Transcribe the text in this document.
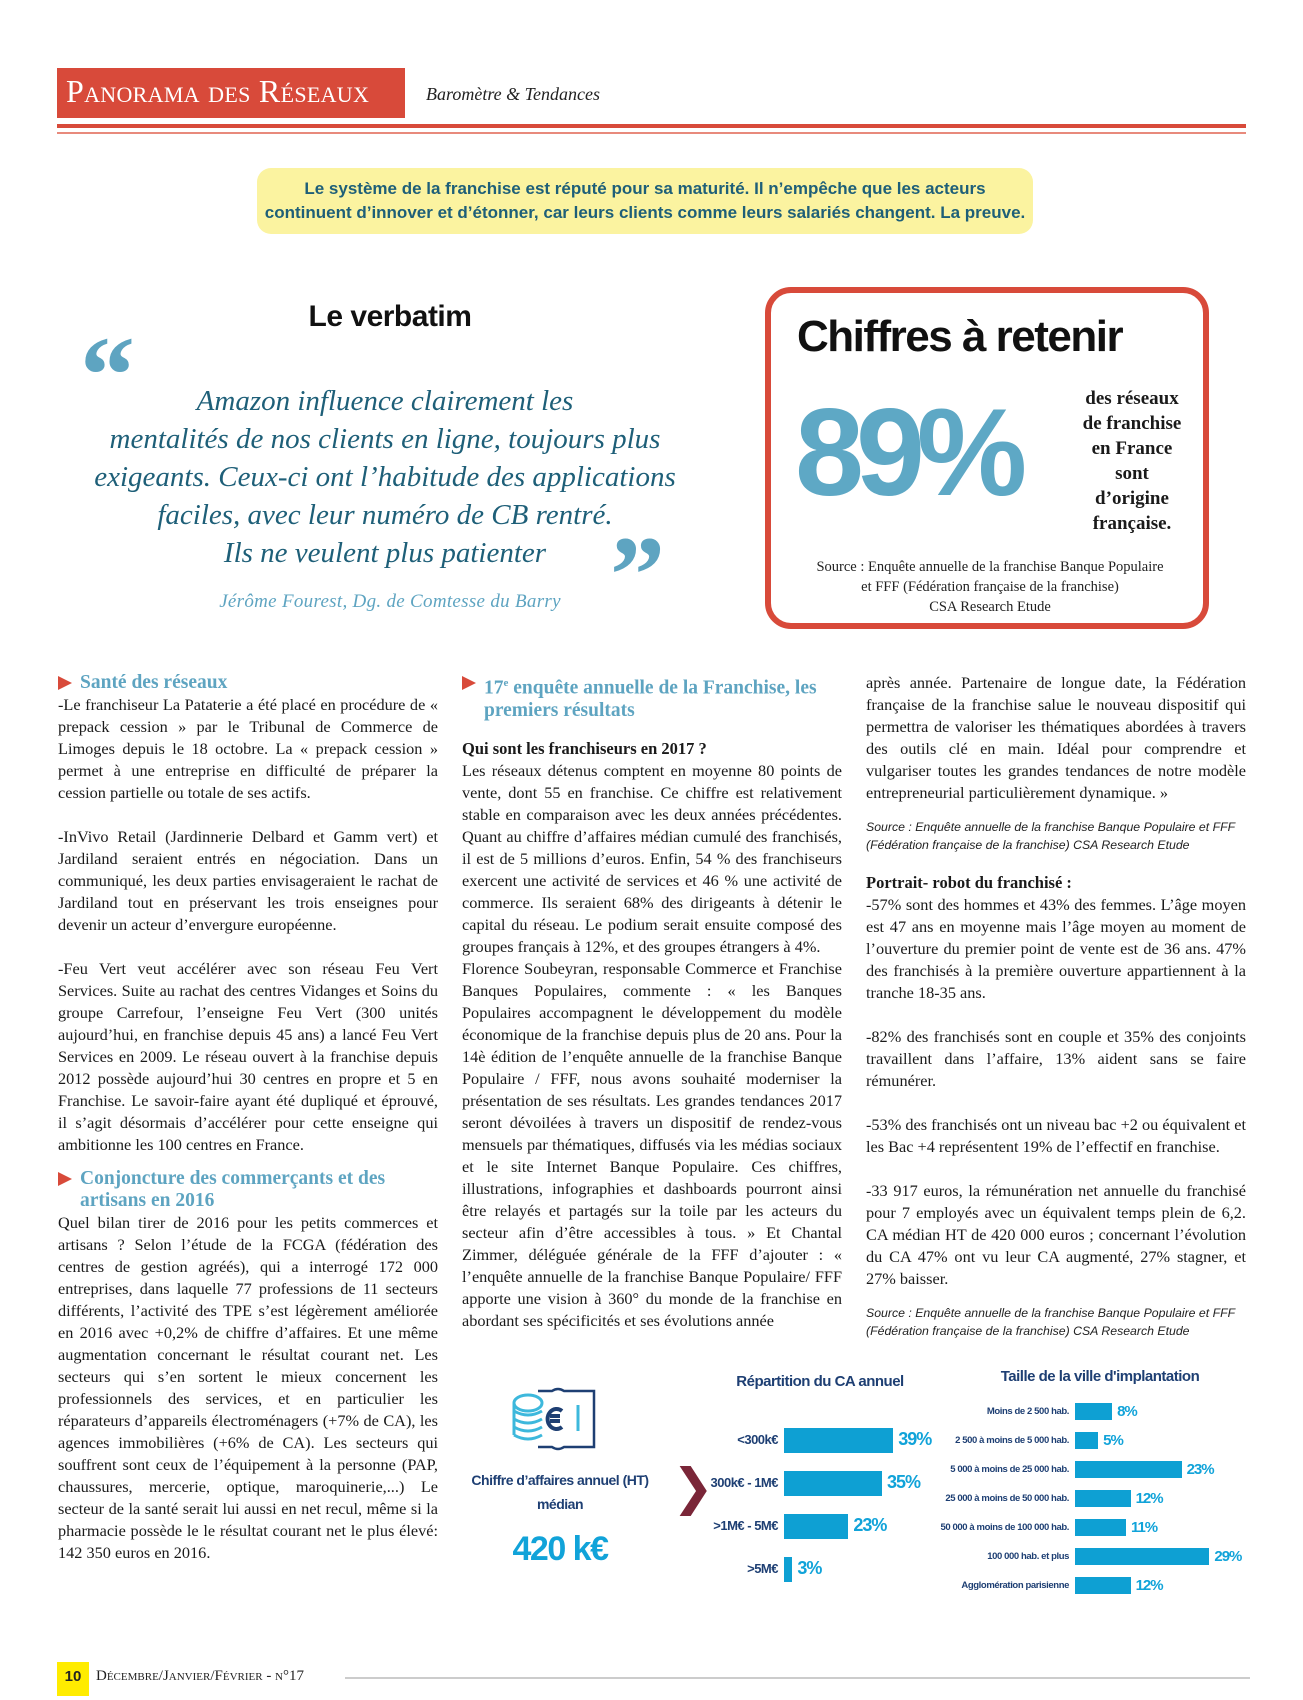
Panorama des Réseaux	Baromètre & Tendances
Le système de la franchise est réputé pour sa maturité. Il n’empêche que les acteurs
continuent d’innover et d’étonner, car leurs clients comme leurs salariés changent. La preuve.
Le verbatim
“	Amazon influence clairement les
mentalités de nos clients en ligne, toujours plus
exigeants. Ceux-ci ont l’habitude des applications
faciles, avec leur numéro de CB rentré.
Ils ne veulent plus patienter ”
Jérôme Fourest, Dg. de Comtesse du Barry
Chiffres à retenir
89%	des réseaux
de franchise
en France
sont
d’origine
française.
Source : Enquête annuelle de la franchise Banque Populaire
et FFF (Fédération française de la franchise)
CSA Research Etude
Santé des réseaux

-Le franchiseur La Pataterie a été placé en procédure de « prepack cession » par le Tribunal de Commerce de Limoges depuis le 18 octobre. La « prepack cession » permet à une entreprise en difficulté de préparer la cession partielle ou totale de ses actifs.

-InVivo Retail (Jardinnerie Delbard et Gamm vert) et Jardiland seraient entrés en négociation. Dans un communiqué, les deux parties envisageraient le rachat de Jardiland tout en préservant les trois enseignes pour devenir un acteur d’envergure européenne.

-Feu Vert veut accélérer avec son réseau Feu Vert Services. Suite au rachat des centres Vidanges et Soins du groupe Carrefour, l’enseigne Feu Vert (300 unités aujourd’hui, en franchise depuis 45 ans) a lancé Feu Vert Services en 2009. Le réseau ouvert à la franchise depuis 2012 possède aujourd’hui 30 centres en propre et 5 en Franchise. Le savoir-faire ayant été dupliqué et éprouvé, il s’agit désormais d’accélérer pour cette enseigne qui ambitionne les 100 centres en France.

Conjoncture des commerçants et des artisans en 2016

Quel bilan tirer de 2016 pour les petits commerces et artisans ? Selon l’étude de la FCGA (fédération des centres de gestion agréés), qui a interrogé 172 000 entreprises, dans laquelle 77 professions de 11 secteurs différents, l’activité des TPE s’est légèrement améliorée en 2016 avec +0,2% de chiffre d’affaires. Et une même augmentation concernant le résultat courant net. Les secteurs qui s’en sortent le mieux concernent les professionnels des services, et en particulier les réparateurs d’appareils électroménagers (+7% de CA), les agences immobilières (+6% de CA). Les secteurs qui souffrent sont ceux de l’équipement à la personne (PAP, chaussures, mercerie, optique, maroquinerie,...) Le secteur de la santé serait lui aussi en net recul, même si la pharmacie possède le le résultat courant net le plus élevé: 142 350 euros en 2016.

17e enquête annuelle de la Franchise, les premiers résultats
Qui sont les franchiseurs en 2017 ?

Les réseaux détenus comptent en moyenne 80 points de vente, dont 55 en franchise. Ce chiffre est relativement stable en comparaison avec les deux années précédentes. Quant au chiffre d’affaires médian cumulé des franchisés, il est de 5 millions d’euros. Enfin, 54 % des franchiseurs exercent une activité de services et 46 % une activité de commerce. Ils seraient 68% des dirigeants à détenir le capital du réseau. Le podium serait ensuite composé des groupes français à 12%, et des groupes étrangers à 4%.

Florence Soubeyran, responsable Commerce et Franchise Banques Populaires, commente : « les Banques Populaires accompagnent le développement du modèle économique de la franchise depuis plus de 20 ans. Pour la 14è édition de l’enquête annuelle de la franchise Banque Populaire / FFF, nous avons souhaité moderniser la présentation de ses résultats. Les grandes tendances 2017 seront dévoilées à travers un dispositif de rendez-vous mensuels par thématiques, diffusés via les médias sociaux et le site Internet Banque Populaire. Ces chiffres, illustrations, infographies et dashboards pourront ainsi être relayés et partagés sur la toile par les acteurs du secteur afin d’être accessibles à tous. » Et Chantal Zimmer, déléguée générale de la FFF d’ajouter : « l’enquête annuelle de la franchise Banque Populaire/ FFF apporte une vision à 360° du monde de la franchise en abordant ses spécificités et ses évolutions année

après année. Partenaire de longue date, la Fédération française de la franchise salue le nouveau dispositif qui permettra de valoriser les thématiques abordées à travers des outils clé en main. Idéal pour comprendre et vulgariser toutes les grandes tendances de notre modèle entrepreneurial particulièrement dynamique. »

Source : Enquête annuelle de la franchise Banque Populaire et FFF
(Fédération française de la franchise) CSA Research Etude
Portrait- robot du franchisé :

-57% sont des hommes et 43% des femmes. L’âge moyen est 47 ans en moyenne mais l’âge moyen au moment de l’ouverture du premier point de vente est de 36 ans. 47% des franchisés à la première ouverture appartiennent à la tranche 18-35 ans.

-82% des franchisés sont en couple et 35% des conjoints travaillent dans l’affaire, 13% aident sans se faire rémunérer.

-53% des franchisés ont un niveau bac +2 ou équivalent et les Bac +4 représentent 19% de l’effectif en franchise.

-33 917 euros, la rémunération net annuelle du franchisé pour 7 employés avec un équivalent temps plein de 6,2. CA médian HT de 420 000 euros ; concernant l’évolution du CA 47% ont vu leur CA augmenté, 27% stagner, et 27% baisser.

Source : Enquête annuelle de la franchise Banque Populaire et FFF
(Fédération française de la franchise) CSA Research Etude
Chiffre d’affaires annuel (HT)
médian
420 k€
❯
Répartition du CA annuel
<300k€	39%
300k€ - 1M€	35%
>1M€ - 5M€	23%
>5M€ 3%
Taille de la ville d'implantation
Moins de 2 500 hab.	8%
2 500 à moins de 5 000 hab. 5%
5 000 à moins de 25 000 hab.	23%
25 000 à moins de 50 000 hab.	12%
50 000 à moins de 100 000 hab.	11%
100 000 hab. et plus	29%
Agglomération parisienne	12%
10 Décembre/Janvier/Février - n°17
